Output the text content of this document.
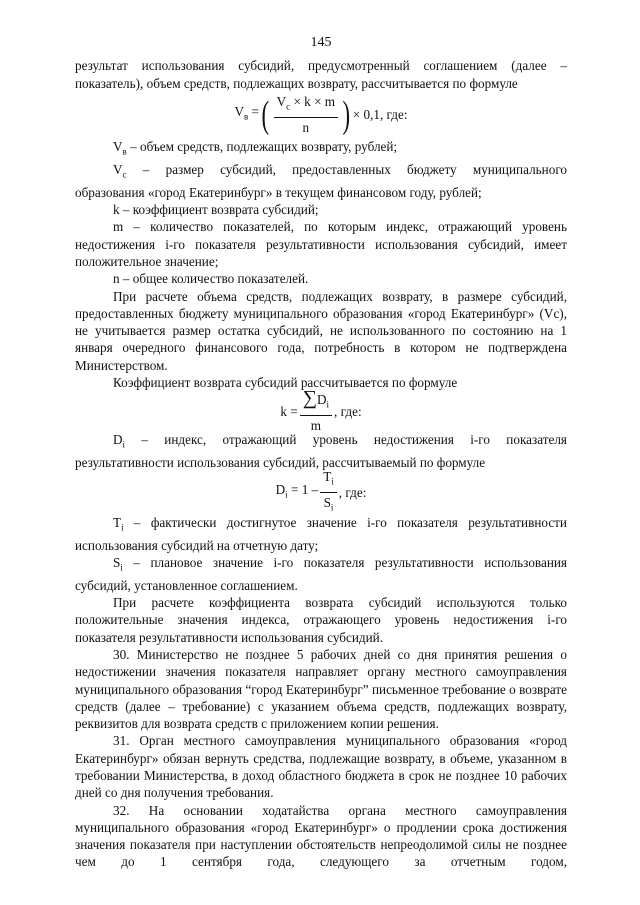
145

результат использования субсидий, предусмотренный соглашением (далее – показатель), объем средств, подлежащих возврату, рассчитывается по формуле

$V_в$ = ( $\frac{V_с \times k \times m}{n}$ ) × 0,1, где:

$V_в$ – объем средств, подлежащих возврату, рублей;

$V_с$ – размер субсидий, предоставленных бюджету муниципального

образования «город Екатеринбург» в текущем финансовом году, рублей;

k – коэффициент возврата субсидий;

m – количество показателей, по которым индекс, отражающий уровень

недостижения i-го показателя результативности использования субсидий, имеет положительное значение;

n – общее количество показателей.

При расчете объема средств, подлежащих возврату, в размере субсидий, предоставленных бюджету муниципального образования «город Екатеринбург» (Vс), не учитывается размер остатка субсидий, не использованного по состоянию на 1 января очередного финансового года, потребность в котором не подтверждена Министерством.

Коэффициент возврата субсидий рассчитывается по формуле

$k = \frac{\sum D_i}{m}$ , где:

$D_i$ – индекс, отражающий уровень недостижения i-го показателя

результативности использования субсидий, рассчитываемый по формуле

$D_i = 1 - \frac{T_i}{S_i}$ , где:

$T_i$ – фактически достигнутое значение i-го показателя результативности

использования субсидий на отчетную дату;

$S_i$ – плановое значение i-го показателя результативности использования

субсидий, установленное соглашением.

При расчете коэффициента возврата субсидий используются только положительные значения индекса, отражающего уровень недостижения i-го показателя результативности использования субсидий.

30. Министерство не позднее 5 рабочих дней со дня принятия решения о недостижении значения показателя направляет органу местного самоуправления муниципального образования “город Екатеринбург” письменное требование о возврате средств (далее – требование) с указанием объема средств, подлежащих возврату, реквизитов для возврата средств с приложением копии решения.

31. Орган местного самоуправления муниципального образования «город Екатеринбург» обязан вернуть средства, подлежащие возврату, в объеме, указанном в требовании Министерства, в доход областного бюджета в срок не позднее 10 рабочих дней со дня получения требования.

32. На основании ходатайства органа местного самоуправления муниципального образования «город Екатеринбург» о продлении срока достижения значения показателя при наступлении обстоятельств непреодолимой силы не позднее чем до 1 сентября года, следующего за отчетным годом,
